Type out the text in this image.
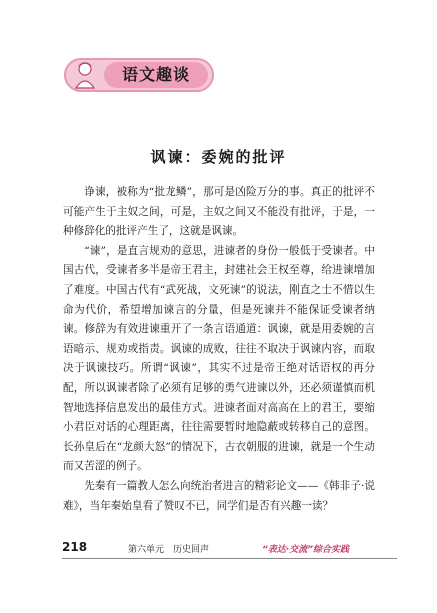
语文趣谈
讽谏：委婉的批评

诤谏，被称为“批龙鳞”，那可是凶险万分的事。真正的批评不可能产生于主奴之间，可是，主奴之间又不能没有批评，于是，一种修辞化的批评产生了，这就是讽谏。

“谏”，是直言规劝的意思，进谏者的身份一般低于受谏者。中国古代，受谏者多半是帝王君主，封建社会王权至尊，给进谏增加了难度。中国古代有“武死战，文死谏”的说法，刚直之士不惜以生命为代价，希望增加谏言的分量，但是死谏并不能保证受谏者纳谏。修辞为有效进谏重开了一条言语通道：讽谏，就是用委婉的言语暗示、规劝或指责。讽谏的成败，往往不取决于讽谏内容，而取决于讽谏技巧。所谓“讽谏”，其实不过是帝王绝对话语权的再分配，所以讽谏者除了必须有足够的勇气进谏以外，还必须谨慎而机智地选择信息发出的最佳方式。进谏者面对高高在上的君王，要缩小君臣对话的心理距离，往往需要暂时地隐蔽或转移自己的意图。长孙皇后在“龙颜大怒”的情况下，古衣朝服的进谏，就是一个生动而又苦涩的例子。

先秦有一篇教人怎么向统治者进言的精彩论文——《韩非子·说难》，当年秦始皇看了赞叹不已，同学们是否有兴趣一读？

218	第六单元　历史回声	“表达·交流”综合实践
